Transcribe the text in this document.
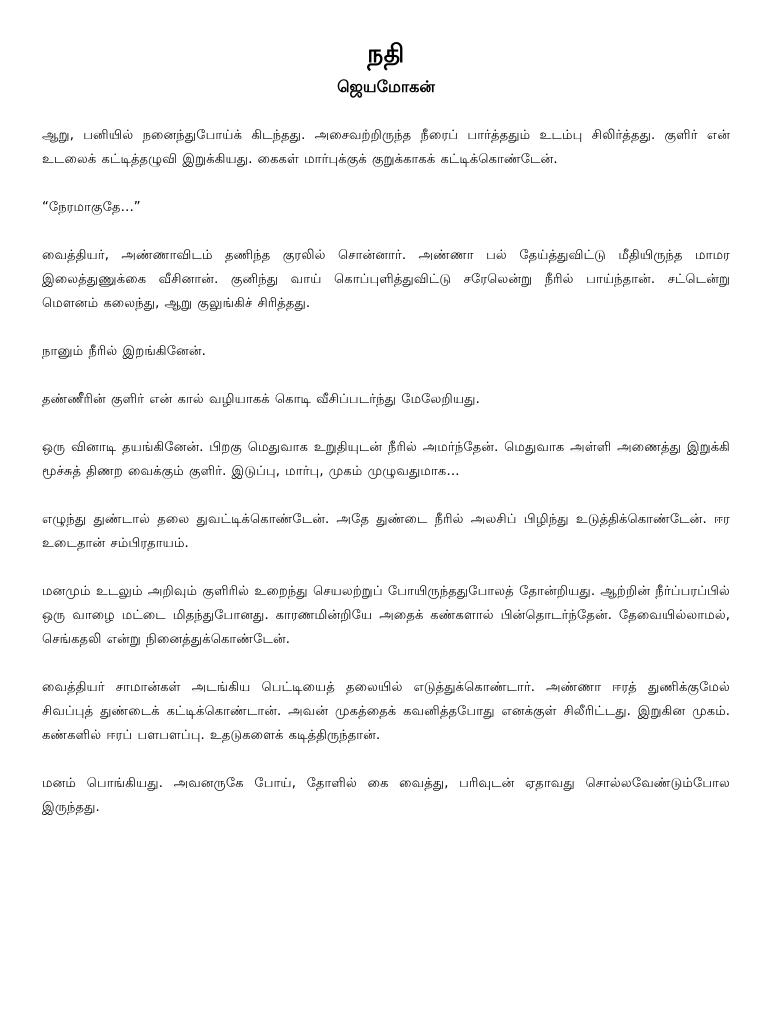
நதி
ஜெயமோகன்

ஆறு, பனியில் நனைந்துபோய்க் கிடந்தது. அசைவற்றிருந்த நீரைப் பார்த்ததும் உடம்பு சிலிர்த்தது. குளிர் என் உடலைக் கட்டித்தழுவி இறுக்கியது. கைகள் மார்புக்குக் குறுக்காகக் கட்டிக்கொண்டேன்.

“நேரமாகுதே…”

வைத்தியர், அண்ணாவிடம் தணிந்த குரலில் சொன்னார். அண்ணா பல் தேய்த்துவிட்டு மீதியிருந்த மாமர இலைத்துணுக்கை வீசினான். குனிந்து வாய் கொப்புளித்துவிட்டு சரேலென்று நீரில் பாய்ந்தான். சட்டென்று மௌனம் கலைந்து, ஆறு குலுங்கிச் சிரித்தது.

நானும் நீரில் இறங்கினேன்.

தண்ணீரின் குளிர் என் கால் வழியாகக் கொடி வீசிப்படர்ந்து மேலேறியது.

ஒரு வினாடி தயங்கினேன். பிறகு மெதுவாக உறுதியுடன் நீரில் அமர்ந்தேன். மெதுவாக அள்ளி அணைத்து இறுக்கி மூச்சுத் திணற வைக்கும் குளிர். இடுப்பு, மார்பு, முகம் முழுவதுமாக…

எழுந்து துண்டால் தலை துவட்டிக்கொண்டேன். அதே துண்டை நீரில் அலசிப் பிழிந்து உடுத்திக்கொண்டேன். ஈர உடைதான் சம்பிரதாயம்.

மனமும் உடலும் அறிவும் குளிரில் உறைந்து செயலற்றுப் போயிருந்ததுபோலத் தோன்றியது. ஆற்றின் நீர்ப்பரப்பில் ஒரு வாழை மட்டை மிதந்துபோனது. காரணமின்றியே அதைக் கண்களால் பின்தொடர்ந்தேன். தேவையில்லாமல், செங்கதலி என்று நினைத்துக்கொண்டேன்.

வைத்தியர் சாமான்கள் அடங்கிய பெட்டியைத் தலையில் எடுத்துக்கொண்டார். அண்ணா ஈரத் துணிக்குமேல் சிவப்புத் துண்டைக் கட்டிக்கொண்டான். அவன் முகத்தைக் கவனித்தபோது எனக்குள் சிலீரிட்டது. இறுகின முகம். கண்களில் ஈரப் பளபளப்பு. உதடுகளைக் கடித்திருந்தான்.

மனம் பொங்கியது. அவனருகே போய், தோளில் கை வைத்து, பரிவுடன் ஏதாவது சொல்லவேண்டும்போல இருந்தது.
